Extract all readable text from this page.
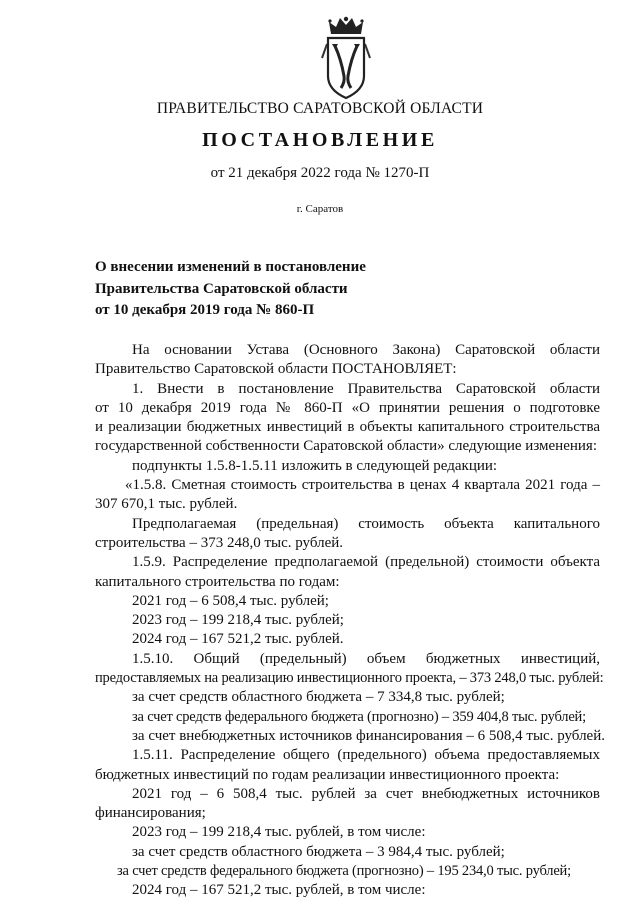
ПРАВИТЕЛЬСТВО САРАТОВСКОЙ ОБЛАСТИ
ПОСТАНОВЛЕНИЕ
от 21 декабря 2022 года № 1270-П
г. Саратов
О внесении изменений в постановление
Правительства Саратовской области
от 10 декабря 2019 года № 860-П
На основании Устава (Основного Закона) Саратовской области
Правительство Саратовской области ПОСТАНОВЛЯЕТ:
1. Внести в постановление Правительства Саратовской области
от 10 декабря 2019 года № 860-П «О принятии решения о подготовке
и реализации бюджетных инвестиций в объекты капитального строительства
государственной собственности Саратовской области» следующие изменения:
подпункты 1.5.8-1.5.11 изложить в следующей редакции:
«1.5.8. Сметная стоимость строительства в ценах 4 квартала 2021 года –
307 670,1 тыс. рублей.
Предполагаемая (предельная) стоимость объекта капитального
строительства – 373 248,0 тыс. рублей.
1.5.9. Распределение предполагаемой (предельной) стоимости объекта
капитального строительства по годам:
2021 год – 6 508,4 тыс. рублей;
2023 год – 199 218,4 тыс. рублей;
2024 год – 167 521,2 тыс. рублей.
1.5.10. Общий (предельный) объем бюджетных инвестиций,
предоставляемых на реализацию инвестиционного проекта, – 373 248,0 тыс. рублей:
за счет средств областного бюджета – 7 334,8 тыс. рублей;
за счет средств федерального бюджета (прогнозно) – 359 404,8 тыс. рублей;
за счет внебюджетных источников финансирования – 6 508,4 тыс. рублей.
1.5.11. Распределение общего (предельного) объема предоставляемых
бюджетных инвестиций по годам реализации инвестиционного проекта:
2021 год – 6 508,4 тыс. рублей за счет внебюджетных источников
финансирования;
2023 год – 199 218,4 тыс. рублей, в том числе:
за счет средств областного бюджета – 3 984,4 тыс. рублей;
за счет средств федерального бюджета (прогнозно) – 195 234,0 тыс. рублей;
2024 год – 167 521,2 тыс. рублей, в том числе:
